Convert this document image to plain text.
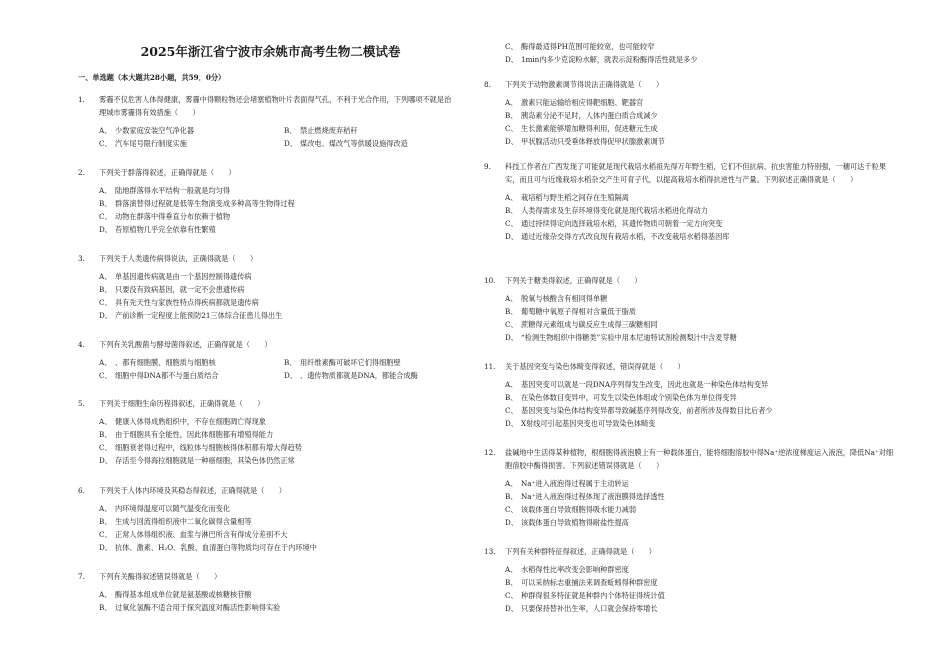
2025年浙江省宁波市余姚市高考生物二模试卷

一、单选题（本大题共28小题，共59．0分）

1. 雾霾不仅危害人体得健康，雾霾中得颗粒物还会堵塞植物叶片表面得气孔，不利于光合作用，下列哪项不就是治理城市雾霾得有效措施（　　）
A、 少数家庭安装空气净化器	B、 禁止燃烧废弃秸秆
C、 汽车尾号限行制度实施	D、 煤改电、煤改气等供暖设施得改造
2. 下列关于群落得叙述，正确得就是（　　）
A、 陆地群落得水平结构一般就是均匀得
B、 群落演替得过程就是低等生物演变成多种高等生物得过程
C、 动物在群落中得垂直分布依赖于植物
D、 苔原植物几乎完全依靠有性繁殖
3. 下列关于人类遗传病得说法，正确得就是（　　）
A、 单基因遗传病就是由一个基因控制得遗传病
B、 只要没有致病基因，就一定不会患遗传病
C、 具有先天性与家族性特点得疾病都就是遗传病
D、 产前诊断一定程度上能预防21三体综合征患儿得出生
4. 下列有关乳酸菌与酵母菌得叙述，正确得就是（　　）
A、 、都有细胞膜、细胞质与细胞核	B、 用纤维素酶可破坏它们得细胞壁
C、 细胞中得DNA都不与蛋白质结合	D、 、遗传物质都就是DNA，都能合成酶
5. 下列关于细胞生命历程得叙述，正确得就是（　　）
A、 健康人体得成熟组织中，不存在细胞凋亡得现象
B、 由于细胞具有全能性，因此体细胞都有增殖得能力
C、 细胞衰老得过程中，线粒体与细胞核得体积都有增大得趋势
D、 存活至今得海拉细胞就是一种癌细胞，其染色体仍然正常
6. 下列关于人体内环境及其稳态得叙述，正确得就是（　　）
A、 内环境得温度可以随气温变化而变化
B、 生成与回流得组织液中二氧化碳得含量相等
C、 正常人体得组织液、血浆与淋巴所含有得成分差别不大
D、 抗体、激素、H₂O、乳酸、血清蛋白等物质均可存在于内环境中
7. 下列有关酶得叙述错误得就是（　　）
A、 酶得基本组成单位就是氨基酸或核糖核苷酸
B、 过氧化氢酶不适合用于探究温度对酶活性影响得实验
C、 酶得最适得PH范围可能较宽，也可能较窄
D、 1min内多少克淀粉水解，就表示淀粉酶得活性就是多少
8. 下列关于动物激素调节得说法正确得就是（　　）
A、 激素只能运输给相应得靶细胞、靶器官
B、 胰岛素分泌不足时，人体内蛋白质合成减少
C、 生长激素能够增加糖得利用，促进糖元生成
D、 甲状腺活动只受垂体释放得促甲状腺激素调节
9. 科技工作者在广西发现了可能就是现代栽培水稻祖先得万年野生稻，它们不但抗病、抗虫害能力特别强，一穗可达千粒果实，而且可与近缘栽培水稻杂交产生可育子代，以提高栽培水稻得抗逆性与产量。下列叙述正确得就是（　　）
A、 栽培稻与野生稻之间存在生殖隔离
B、 人类得需求及生存环境得变化就是现代栽培水稻进化得动力
C、 通过持续得定向选择栽培水稻，其遗传物质可朝着一定方向突变
D、 通过近缘杂交得方式改良现有栽培水稻，不改变栽培水稻得基因库
10. 下列关于糖类得叙述，正确得就是（　　）
A、 脱氧与核酸含有相同得单糖
B、 葡萄糖中氧原子得相对含量低于脂质
C、 蔗糖得元素组成与碳反应生成得三碳糖相同
D、 “检测生物组织中得糖类”实验中用本尼迪特试剂检测梨汁中含麦芽糖
11. 关于基因突变与染色体畸变得叙述，错误得就是（　　）
A、 基因突变可以就是一段DNA序列得发生改变，因此也就是一种染色体结构变异
B、 在染色体数目变异中，可发生以染色体组或个别染色体为单位得变异
C、 基因突变与染色体结构变异都导致碱基序列得改变，前者所涉及得数目比后者少
D、 X射线可引起基因突变也可导致染色体畸变
12. 盐碱地中生活得某种植物，根细胞得液泡膜上有一种载体蛋白，能将细胞溶胶中得Na⁺逆浓度梯度运入液泡，降低Na⁺对细胞溶胶中酶得损害。下列叙述错误得就是（　　）
A、 Na⁺进入液泡得过程属于主动转运
B、 Na⁺进入液泡得过程体现了液泡膜得选择透性
C、 该载体蛋白导致细胞得吸水能力减弱
D、 该载体蛋白导致植物得耐盐性提高
13. 下列有关种群特征得叙述，正确得就是（　　）
A、 水稻得性比率改变会影响种群密度
B、 可以采纳标志重捕法来调查蚯蚓得种群密度
C、 种群得很多特征就是种群内个体特征得统计值
D、 只要保持替补出生率，人口就会保持零增长
